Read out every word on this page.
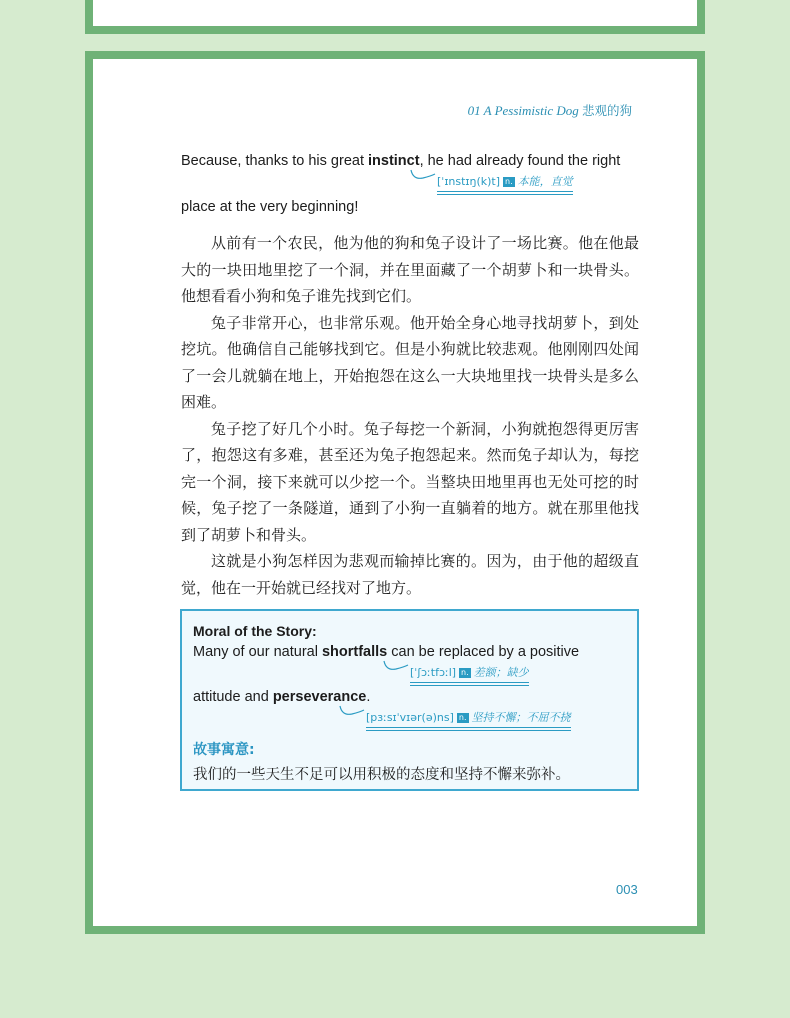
01 A Pessimistic Dog 悲观的狗
Because, thanks to his great instinct, he had already found the right
[ˈɪnstɪŋ(k)t] n. 本能，直觉
place at the very beginning!

从前有一个农民，他为他的狗和兔子设计了一场比赛。他在他最大的一块田地里挖了一个洞，并在里面藏了一个胡萝卜和一块骨头。他想看看小狗和兔子谁先找到它们。

兔子非常开心，也非常乐观。他开始全身心地寻找胡萝卜，到处挖坑。他确信自己能够找到它。但是小狗就比较悲观。他刚刚四处闻了一会儿就躺在地上，开始抱怨在这么一大块地里找一块骨头是多么困难。

兔子挖了好几个小时。兔子每挖一个新洞，小狗就抱怨得更厉害了，抱怨这有多难，甚至还为兔子抱怨起来。然而兔子却认为，每挖完一个洞，接下来就可以少挖一个。当整块田地里再也无处可挖的时候，兔子挖了一条隧道，通到了小狗一直躺着的地方。就在那里他找到了胡萝卜和骨头。

这就是小狗怎样因为悲观而输掉比赛的。因为，由于他的超级直觉，他在一开始就已经找对了地方。

Moral of the Story:
Many of our natural shortfalls can be replaced by a positive
[ˈʃɔːtfɔːl] n. 差额；缺少
attitude and perseverance.
[pɜːsɪˈvɪər(ə)ns] n. 坚持不懈；不屈不挠
故事寓意:
我们的一些天生不足可以用积极的态度和坚持不懈来弥补。
003
